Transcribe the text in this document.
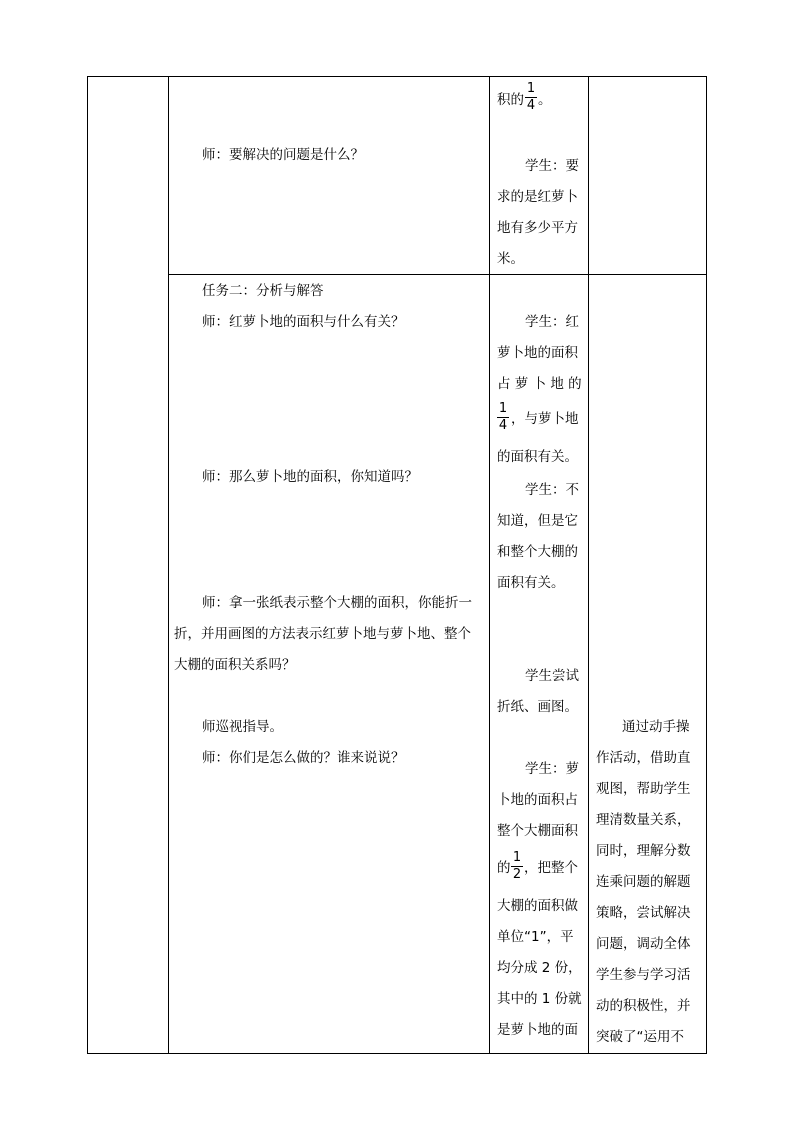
师：要解决的问题是什么？
积的
1
4 。
学生：要
求的是红萝卜
地有多少平方
米。
任务二：分析与解答
师：红萝卜地的面积与什么有关？
师：那么萝卜地的面积，你知道吗？
师：拿一张纸表示整个大棚的面积，你能折一
折，并用画图的方法表示红萝卜地与萝卜地、整个
大棚的面积关系吗？
师巡视指导。
师：你们是怎么做的？谁来说说？
学生：红
萝卜地的面积
占 萝 卜 地 的
1
4 ，与萝卜地
的面积有关。
学生：不
知道，但是它
和整个大棚的
面积有关。
学生尝试
折纸、画图。
学生：萝
卜地的面积占
整个大棚面积
的
1
2 ，把整个
大棚的面积做
单位“1”，平
均分成 2 份，
其中的 1 份就
是萝卜地的面
通过动手操
作活动，借助直
观图，帮助学生
理清数量关系，
同时，理解分数
连乘问题的解题
策略，尝试解决
问题，调动全体
学生参与学习活
动的积极性，并
突破了“运用不
